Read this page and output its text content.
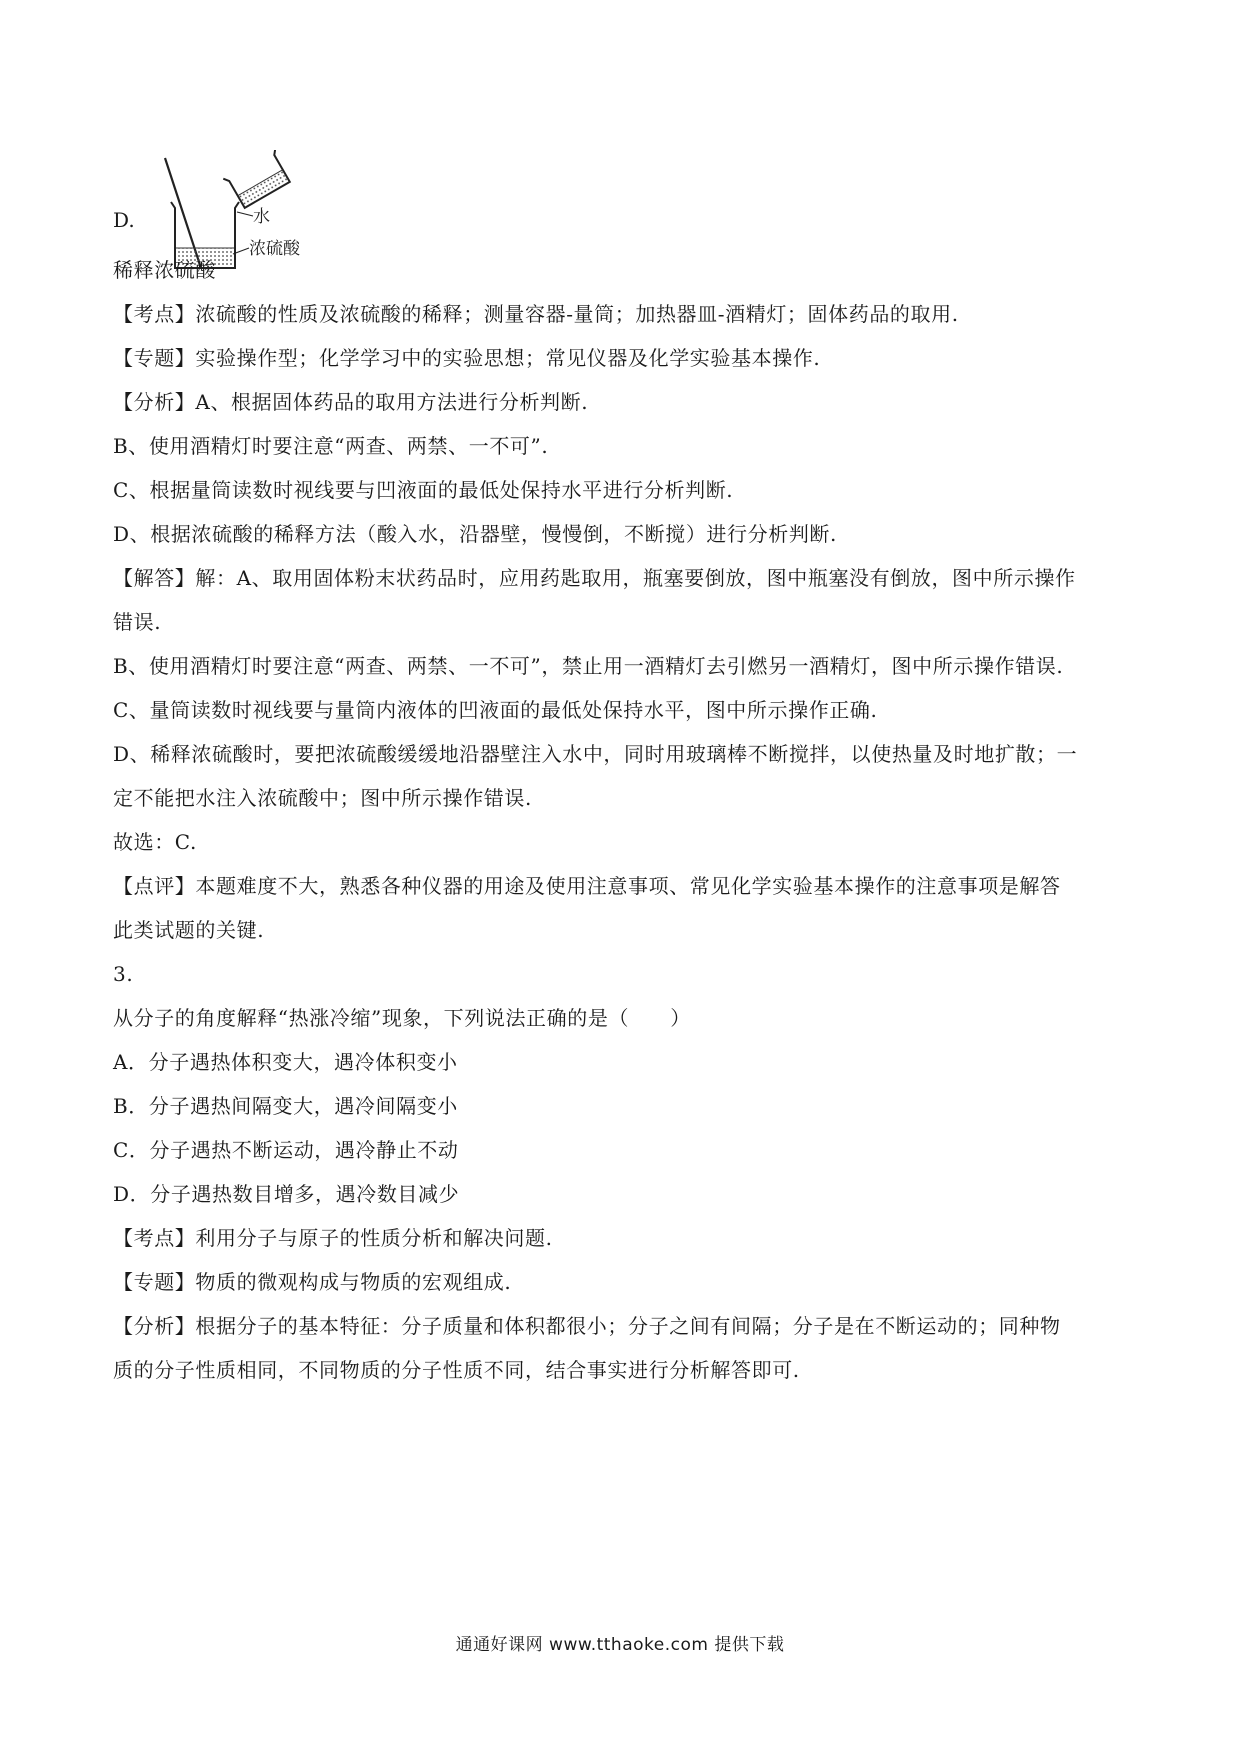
D.	水
浓硫酸
稀释浓硫酸
【考点】浓硫酸的性质及浓硫酸的稀释；测量容器-量筒；加热器皿-酒精灯；固体药品的取用.
【专题】实验操作型；化学学习中的实验思想；常见仪器及化学实验基本操作.
【分析】A、根据固体药品的取用方法进行分析判断.
B、使用酒精灯时要注意“两查、两禁、一不可”.
C、根据量筒读数时视线要与凹液面的最低处保持水平进行分析判断.
D、根据浓硫酸的稀释方法（酸入水，沿器壁，慢慢倒，不断搅）进行分析判断.
【解答】解：A、取用固体粉末状药品时，应用药匙取用，瓶塞要倒放，图中瓶塞没有倒放，图中所示操作
错误.
B、使用酒精灯时要注意“两查、两禁、一不可”，禁止用一酒精灯去引燃另一酒精灯，图中所示操作错误.
C、量筒读数时视线要与量筒内液体的凹液面的最低处保持水平，图中所示操作正确.
D、稀释浓硫酸时，要把浓硫酸缓缓地沿器壁注入水中，同时用玻璃棒不断搅拌，以使热量及时地扩散；一
定不能把水注入浓硫酸中；图中所示操作错误.
故选：C.
【点评】本题难度不大，熟悉各种仪器的用途及使用注意事项、常见化学实验基本操作的注意事项是解答
此类试题的关键.
3.
从分子的角度解释“热涨冷缩”现象，下列说法正确的是（　　）
A．分子遇热体积变大，遇冷体积变小
B．分子遇热间隔变大，遇冷间隔变小
C．分子遇热不断运动，遇冷静止不动
D．分子遇热数目增多，遇冷数目减少
【考点】利用分子与原子的性质分析和解决问题.
【专题】物质的微观构成与物质的宏观组成.
【分析】根据分子的基本特征：分子质量和体积都很小；分子之间有间隔；分子是在不断运动的；同种物
质的分子性质相同，不同物质的分子性质不同，结合事实进行分析解答即可.
通通好课网 www.tthaoke.com 提供下载
